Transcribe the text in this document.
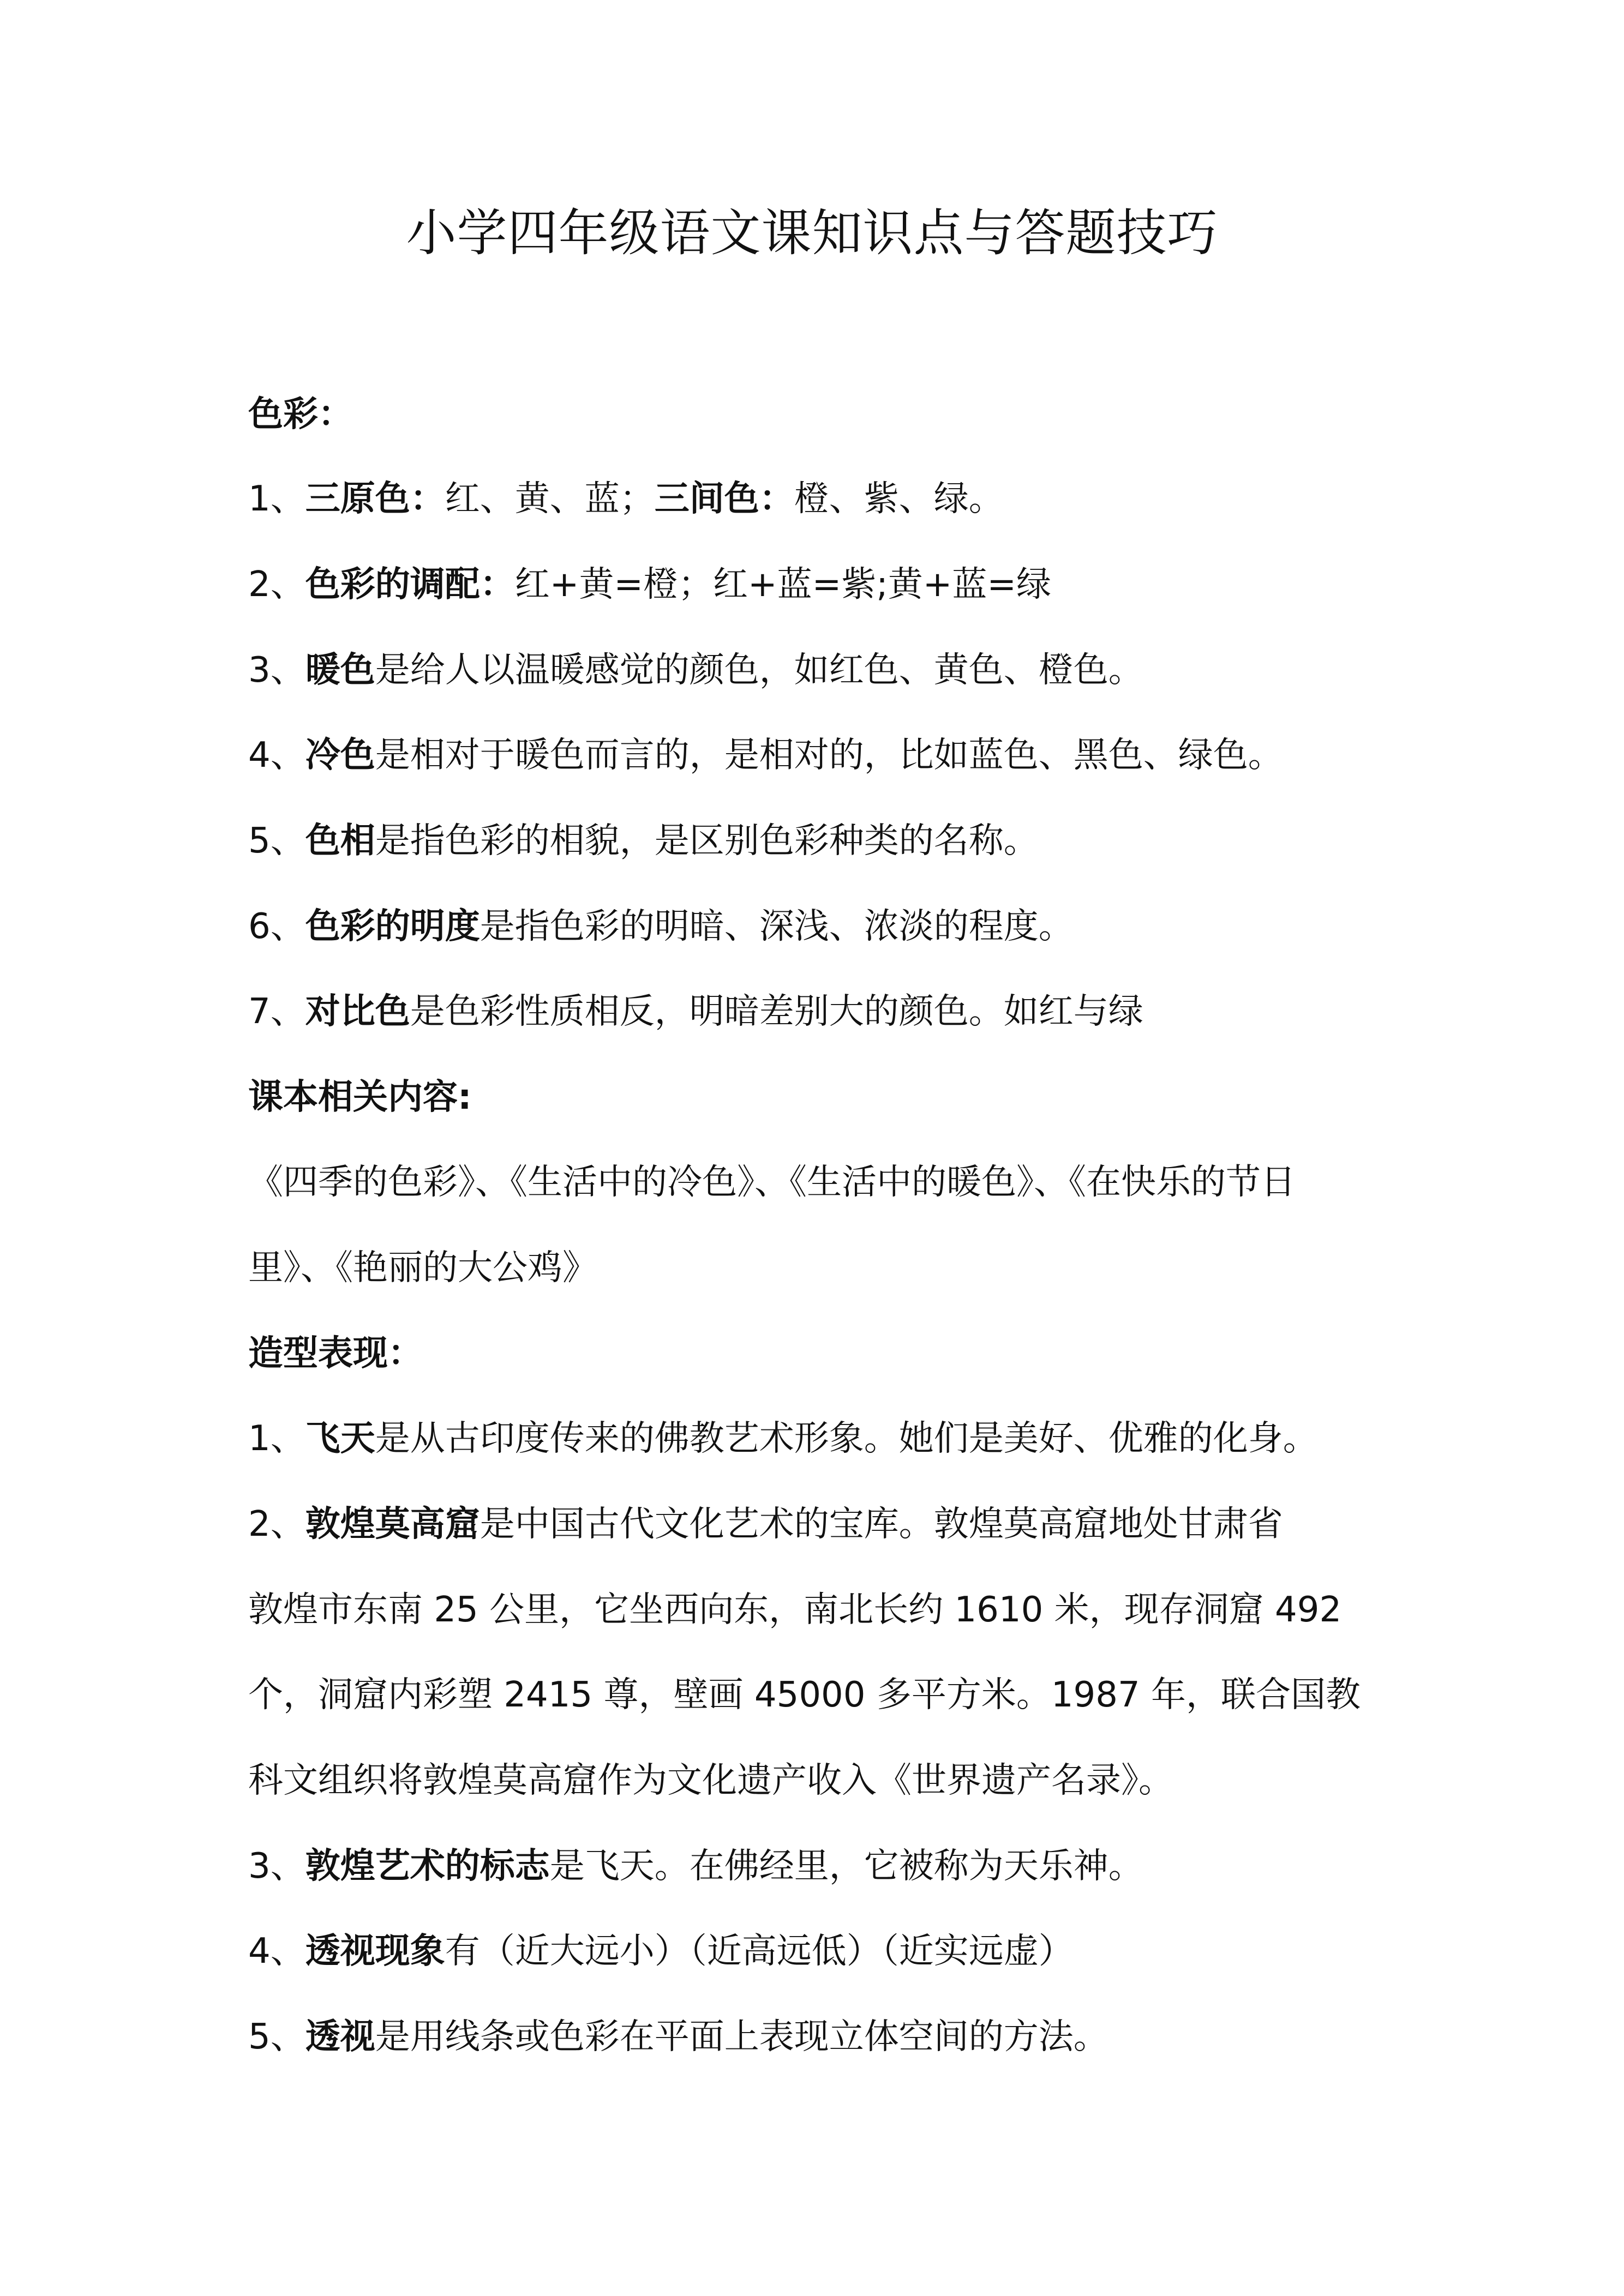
小学四年级语文课知识点与答题技巧

色彩：

1、三原色：红、黄、蓝；三间色：橙、紫、绿。

2、色彩的调配：红+黄=橙；红+蓝=紫;黄+蓝=绿

3、暖色是给人以温暖感觉的颜色，如红色、黄色、橙色。

4、冷色是相对于暖色而言的，是相对的，比如蓝色、黑色、绿色。

5、色相是指色彩的相貌，是区别色彩种类的名称。

6、色彩的明度是指色彩的明暗、深浅、浓淡的程度。

7、对比色是色彩性质相反，明暗差别大的颜色。如红与绿

课本相关内容:

《四季的色彩》、《生活中的冷色》、《生活中的暖色》、《在快乐的节日

里》、《艳丽的大公鸡》

造型表现：

1、飞天是从古印度传来的佛教艺术形象。她们是美好、优雅的化身。

2、敦煌莫高窟是中国古代文化艺术的宝库。敦煌莫高窟地处甘肃省

敦煌市东南 25 公里，它坐西向东，南北长约 1610 米，现存洞窟 492

个，洞窟内彩塑 2415 尊，壁画 45000 多平方米。1987 年，联合国教

科文组织将敦煌莫高窟作为文化遗产收入《世界遗产名录》。

3、敦煌艺术的标志是飞天。在佛经里，它被称为天乐神。

4、透视现象有（近大远小）（近高远低）（近实远虚）

5、透视是用线条或色彩在平面上表现立体空间的方法。
